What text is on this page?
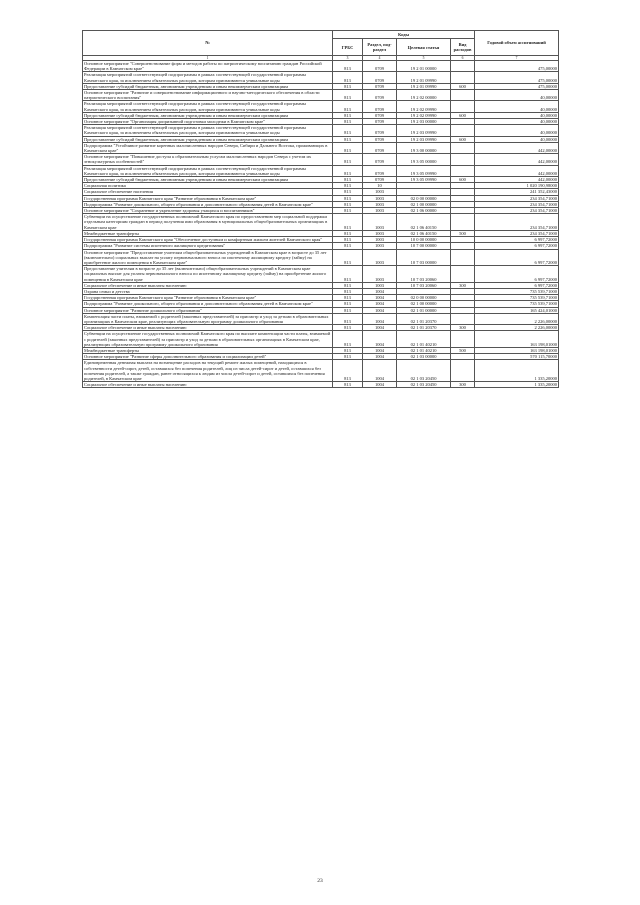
№	Коды				Годовой объем ассигнований
	ГРБС	Раздел, под-раздел	Целевая статья	Вид расходов	
1	3	4	5	6	7
Основное мероприятие "Совершенствование форм и методов работы по патриотическому воспитанию граждан Российской Федерации в Камчатском крае"	813	0709	19 2 01 00000		475,00000
Реализация мероприятий соответствующей подпрограммы в рамках соответствующей государственной программы Камчатского края, за исключением обязательных расходов, которым присваиваются уникальные коды	813	0709	19 2 01 09990		475,00000
Предоставление субсидий бюджетным, автономным учреждениям и иным некоммерческим организациям	813	0709	19 2 01 09990	600	475,00000
Основное мероприятие "Развитие и совершенствование информационного и научно-методического обеспечения в области патриотического воспитания"	813	0709	19 2 02 00000		40,00000
Реализация мероприятий соответствующей подпрограммы в рамках соответствующей государственной программы Камчатского края, за исключением обязательных расходов, которым присваиваются уникальные коды	813	0709	19 2 02 09990		40,00000
Предоставление субсидий бюджетным, автономным учреждениям и иным некоммерческим организациям	813	0709	19 2 02 09990	600	40,00000
Основное мероприятие "Организация допризывной подготовки молодежи в Камчатском крае"	813	0709	19 2 03 00000		40,00000
Реализация мероприятий соответствующей подпрограммы в рамках соответствующей государственной программы Камчатского края, за исключением обязательных расходов, которым присваиваются уникальные коды	813	0709	19 2 03 09990		40,00000
Предоставление субсидий бюджетным, автономным учреждениям и иным некоммерческим организациям	813	0709	19 2 03 09990	600	40,00000
Подпрограмма "Устойчивое развитие коренных малочисленных народов Севера, Сибири и Дальнего Востока, проживающих в Камчатском крае"	813	0709	19 3 00 00000		442,00000
Основное мероприятие "Повышение доступа к образовательным услугам малочисленных народов Севера с учетом их этнокультурных особенностей"	813	0709	19 3 05 00000		442,00000
Реализация мероприятий соответствующей подпрограммы в рамках соответствующей государственной программы Камчатского края, за исключением обязательных расходов, которым присваиваются уникальные коды	813	0709	19 3 05 09990		442,00000
Предоставление субсидий бюджетным, автономным учреждениям и иным некоммерческим организациям	813	0709	19 3 05 09990	600	442,00000
Социальная политика	813	10			1 020 190,98000
Социальное обеспечение населения	813	1003			241 352,43000
Государственная программа Камчатского края "Развитие образования в Камчатском крае"	813	1003	02 0 00 00000		234 354,71000
Подпрограмма "Развитие дошкольного, общего образования и дополнительного образования детей в Камчатском крае"	813	1003	02 1 00 00000		234 354,71000
Основное мероприятие "Сохранение и укрепление здоровья учащихся и воспитанников"	813	1003	02 1 06 00000		234 354,71000
Субвенции на осуществление государственных полномочий Камчатского края по предоставлению мер социальной поддержки отдельным категориям граждан в период получения ими образования в муниципальных общеобразовательных организациях в Камчатском крае	813	1003	02 1 06 40150		234 354,71000
Межбюджетные трансферты	813	1003	02 1 06 40150	500	234 354,71000
Государственная программа Камчатского края "Обеспечение доступным и комфортным жильем жителей Камчатского края"	813	1003	10 0 00 00000		6 997,72000
Подпрограмма "Развитие системы ипотечного жилищного кредитования"	813	1003	10 7 00 00000		6 997,72000
Основное мероприятие "Предоставление учителям общеобразовательных учреждений в Камчатском крае в возрасте до 35 лет (включительно) социальных выплат на уплату первоначального взноса по ипотечному жилищному кредиту (займу) на приобретение жилого помещения в Камчатском крае"	813	1003	10 7 03 00000		6 997,72000
Предоставление учителям в возрасте до 35 лет (включительно) общеобразовательных учреждений в Камчатском крае социальных выплат для уплаты первоначального взноса по ипотечному жилищному кредиту (займу) на приобретение жилого помещения в Камчатском крае	813	1003	10 7 03 20060		6 997,72000
Социальное обеспечение и иные выплаты населению	813	1003	10 7 03 20060	300	6 997,72000
Охрана семьи и детства	813	1004			735 539,71000
Государственная программа Камчатского края "Развитие образования в Камчатском крае"	813	1004	02 0 00 00000		735 539,71000
Подпрограмма "Развитие дошкольного, общего образования и дополнительного образования детей в Камчатском крае"	813	1004	02 1 00 00000		735 539,71000
Основное мероприятие "Развитие дошкольного образования"	813	1004	02 1 01 00000		165 424,01000
Компенсация части платы, взимаемой с родителей (законных представителей) за присмотр и уход за детьми в образовательных организациях в Камчатском крае, реализующих образовательную программу дошкольного образования	813	1004	02 1 01 20370		2 226,00000
Социальное обеспечение и иные выплаты населению	813	1004	02 1 01 20370	300	2 226,00000
Субвенции на осуществление государственных полномочий Камчатского края по выплате компенсации части платы, взимаемой с родителей (законных представителей) за присмотр и уход за детьми в образовательных организациях в Камчатском крае, реализующих образовательную программу дошкольного образования	813	1004	02 1 01 40210		163 198,01000
Межбюджетные трансферты	813	1004	02 1 01 40210	500	163 198,01000
Основное мероприятие "Развитие сферы дополнительного образования и социализации детей"	813	1004	02 1 03 00000		570 115,70000
Единовременная денежная выплата на возмещение расходов на текущий ремонт жилых помещений, находящихся в собственности детей-сирот, детей, оставшихся без попечения родителей, лиц из числа детей-сирот и детей, оставшихся без попечения родителей, а также граждан, ранее относящихся к людям из числа детей-сирот и детей, оставшихся без попечения родителей, в Камчатском крае	813	1004	02 1 03 20450		1 335,20000
Социальное обеспечение и иные выплаты населению	813	1004	02 1 03 20450	300	1 335,20000
23
